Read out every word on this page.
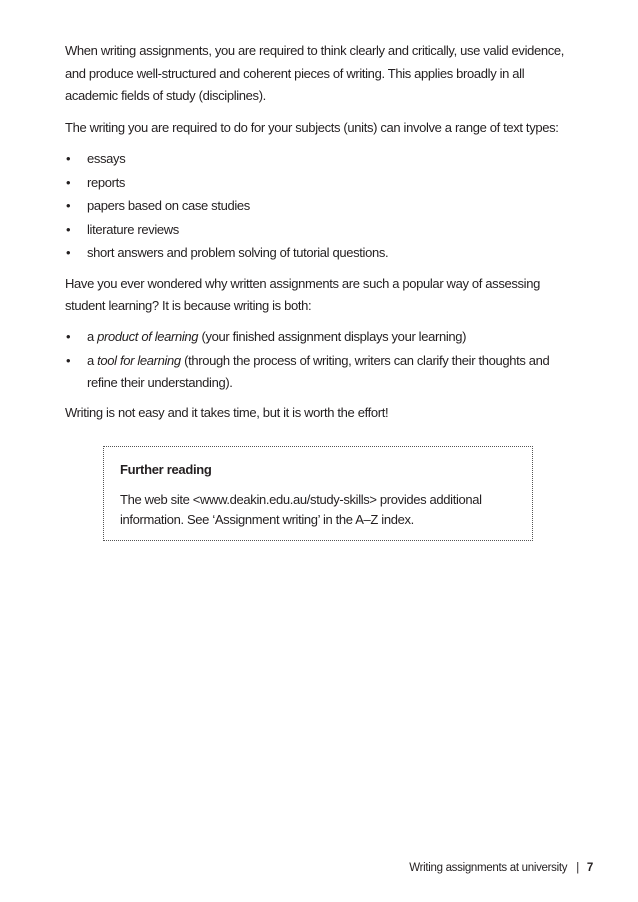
When writing assignments, you are required to think clearly and critically, use valid evidence, and produce well-structured and coherent pieces of writing. This applies broadly in all academic fields of study (disciplines).

The writing you are required to do for your subjects (units) can involve a range of text types:

• essays
• reports
• papers based on case studies
• literature reviews
• short answers and problem solving of tutorial questions.

Have you ever wondered why written assignments are such a popular way of assessing student learning? It is because writing is both:

• a product of learning (your finished assignment displays your learning)
• a tool for learning (through the process of writing, writers can clarify their thoughts and refine their understanding).

Writing is not easy and it takes time, but it is worth the effort!

Further reading
The web site <www.deakin.edu.au/study-skills> provides additional information. See ‘Assignment writing’ in the A–Z index.
Writing assignments at university | 7
